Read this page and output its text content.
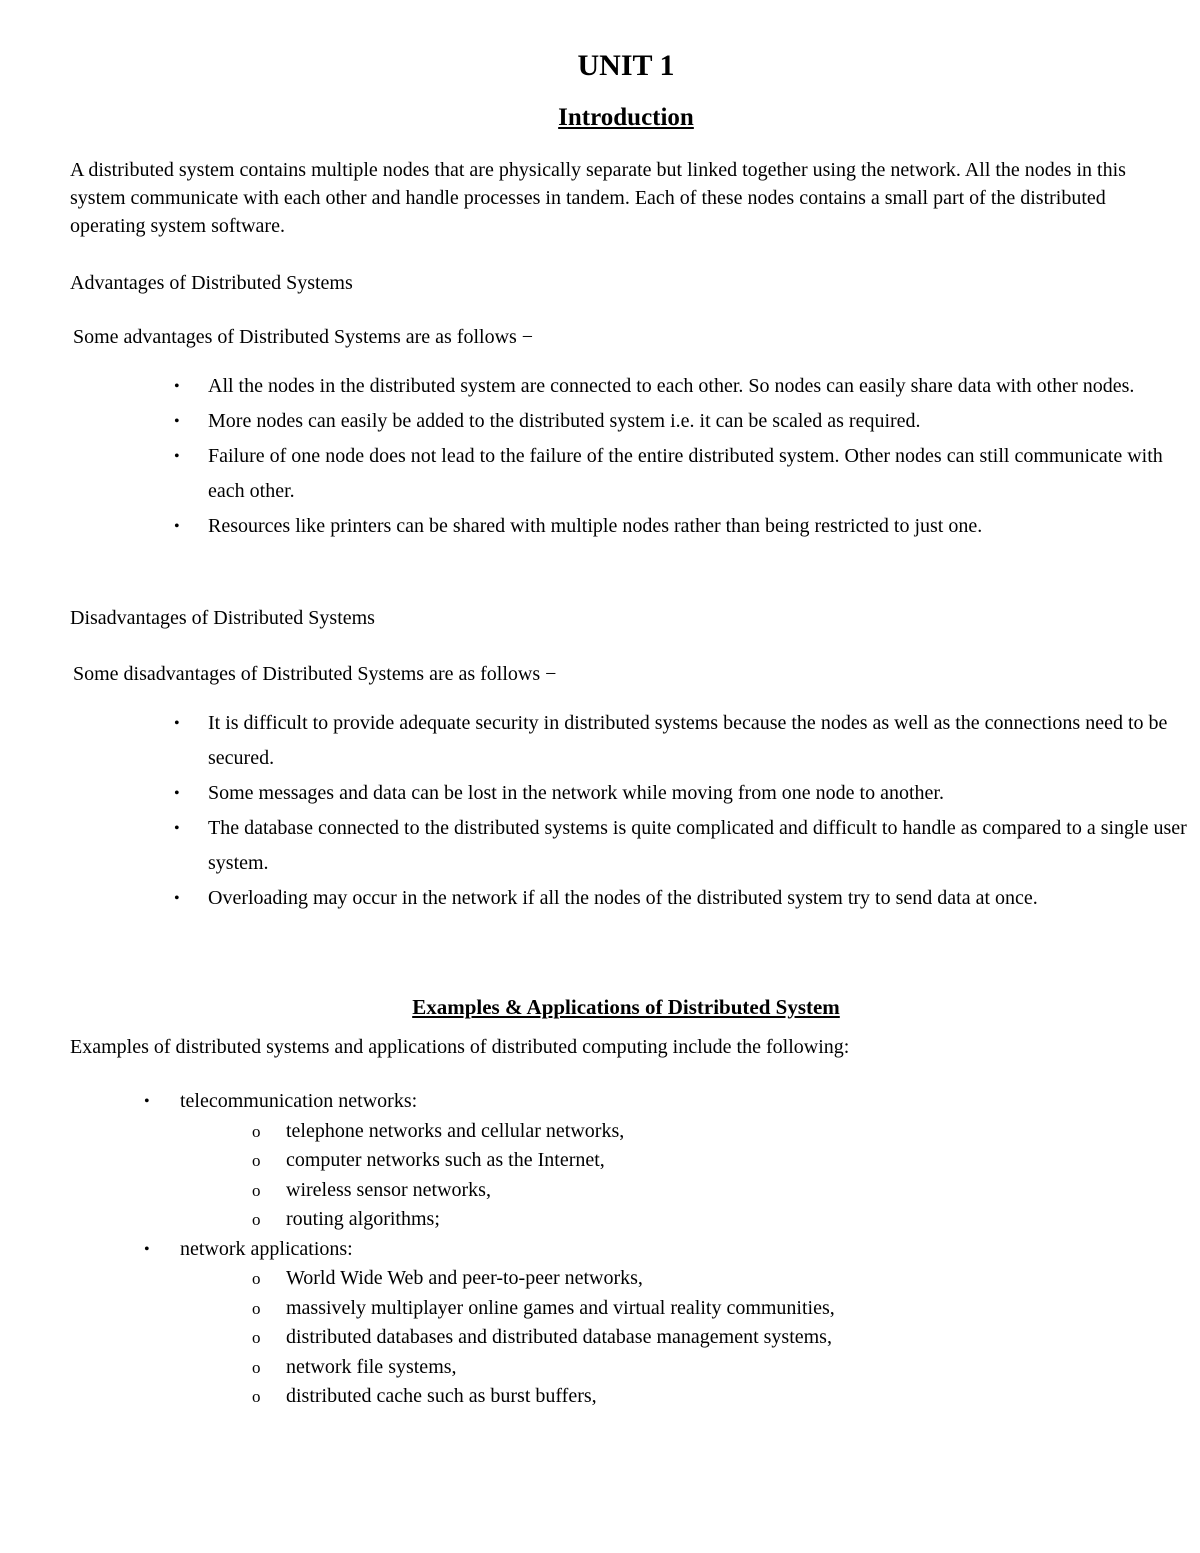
UNIT 1
Introduction

A distributed system contains multiple nodes that are physically separate but linked together using the network. All the nodes in this system communicate with each other and handle processes in tandem. Each of these nodes contains a small part of the distributed operating system software.

Advantages of Distributed Systems

Some advantages of Distributed Systems are as follows −

• All the nodes in the distributed system are connected to each other. So nodes can easily share data with other nodes.
• More nodes can easily be added to the distributed system i.e. it can be scaled as required.
• Failure of one node does not lead to the failure of the entire distributed system. Other nodes can still communicate with each other.
• Resources like printers can be shared with multiple nodes rather than being restricted to just one.

Disadvantages of Distributed Systems

Some disadvantages of Distributed Systems are as follows −

• It is difficult to provide adequate security in distributed systems because the nodes as well as the connections need to be secured.
• Some messages and data can be lost in the network while moving from one node to another.
• The database connected to the distributed systems is quite complicated and difficult to handle as compared to a single user system.
• Overloading may occur in the network if all the nodes of the distributed system try to send data at once.
Examples & Applications of Distributed System

Examples of distributed systems and applications of distributed computing include the following:

• telecommunication networks:
o telephone networks and cellular networks,
o computer networks such as the Internet,
o wireless sensor networks,
o routing algorithms;
• network applications:
o World Wide Web and peer-to-peer networks,
o massively multiplayer online games and virtual reality communities,
o distributed databases and distributed database management systems,
o network file systems,
o distributed cache such as burst buffers,
